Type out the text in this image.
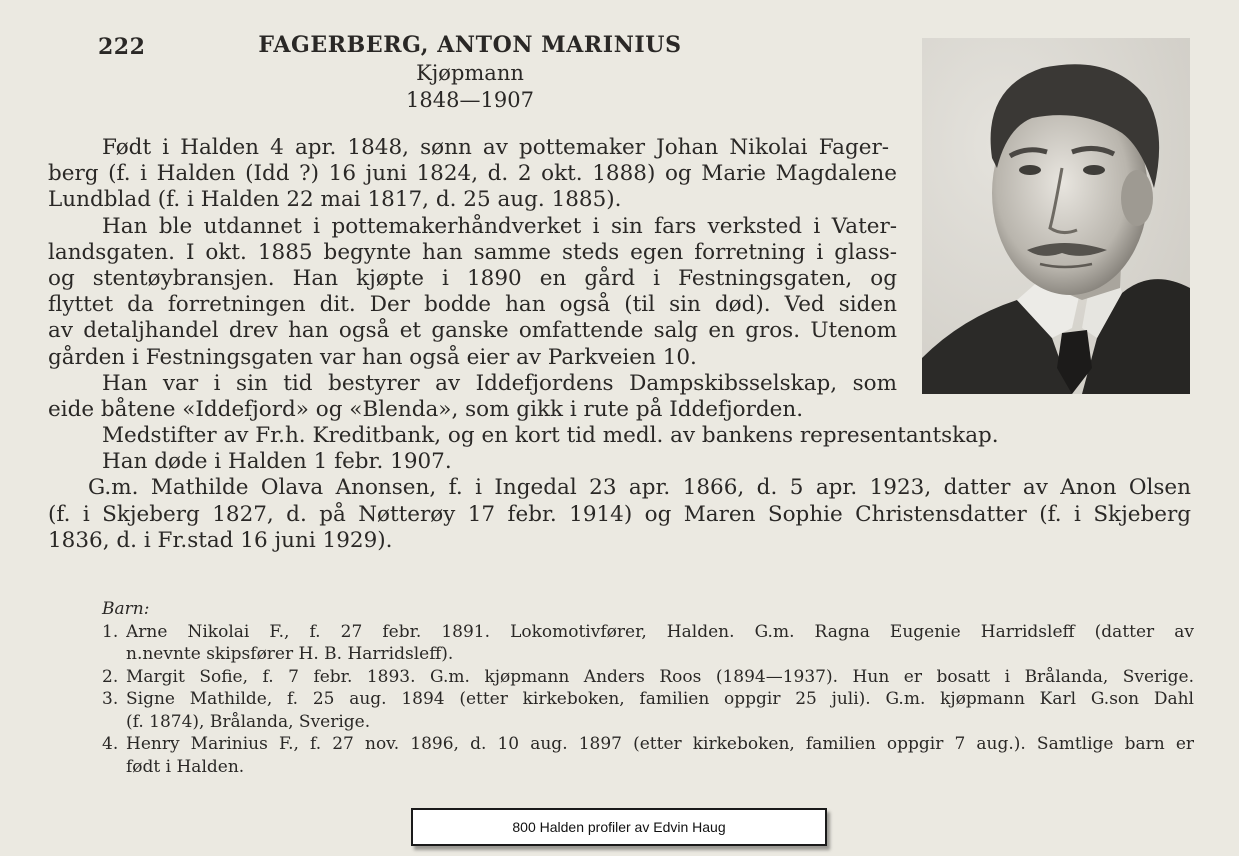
222	FAGERBERG, ANTON MARINIUS
Kjøpmann
1848—1907
Født i Halden 4 apr. 1848, sønn av pottemaker Johan Nikolai Fager-
berg (f. i Halden (Idd ?) 16 juni 1824, d. 2 okt. 1888) og Marie Magdalene
Lundblad (f. i Halden 22 mai 1817, d. 25 aug. 1885).
Han ble utdannet i pottemakerhåndverket i sin fars verksted i Vater-
landsgaten. I okt. 1885 begynte han samme steds egen forretning i glass-
og stentøybransjen. Han kjøpte i 1890 en gård i Festningsgaten, og
flyttet da forretningen dit. Der bodde han også (til sin død). Ved siden
av detaljhandel drev han også et ganske omfattende salg en gros. Utenom
gården i Festningsgaten var han også eier av Parkveien 10.
Han var i sin tid bestyrer av Iddefjordens Dampskibsselskap, som
eide båtene «Iddefjord» og «Blenda», som gikk i rute på Iddefjorden.
Medstifter av Fr.h. Kreditbank, og en kort tid medl. av bankens representantskap.
Han døde i Halden 1 febr. 1907.
G.m. Mathilde Olava Anonsen, f. i Ingedal 23 apr. 1866, d. 5 apr. 1923, datter av Anon Olsen
(f. i Skjeberg 1827, d. på Nøtterøy 17 febr. 1914) og Maren Sophie Christensdatter (f. i Skjeberg
1836, d. i Fr.stad 16 juni 1929).
Barn:
1. Arne Nikolai F., f. 27 febr. 1891. Lokomotivfører, Halden. G.m. Ragna Eugenie Harridsleff (datter av
n.nevnte skipsfører H. B. Harridsleff).
2. Margit Sofie, f. 7 febr. 1893. G.m. kjøpmann Anders Roos (1894—1937). Hun er bosatt i Brålanda, Sverige.
3. Signe Mathilde, f. 25 aug. 1894 (etter kirkeboken, familien oppgir 25 juli). G.m. kjøpmann Karl G.son Dahl
(f. 1874), Brålanda, Sverige.
4. Henry Marinius F., f. 27 nov. 1896, d. 10 aug. 1897 (etter kirkeboken, familien oppgir 7 aug.). Samtlige barn er
født i Halden.
800 Halden profiler av Edvin Haug
